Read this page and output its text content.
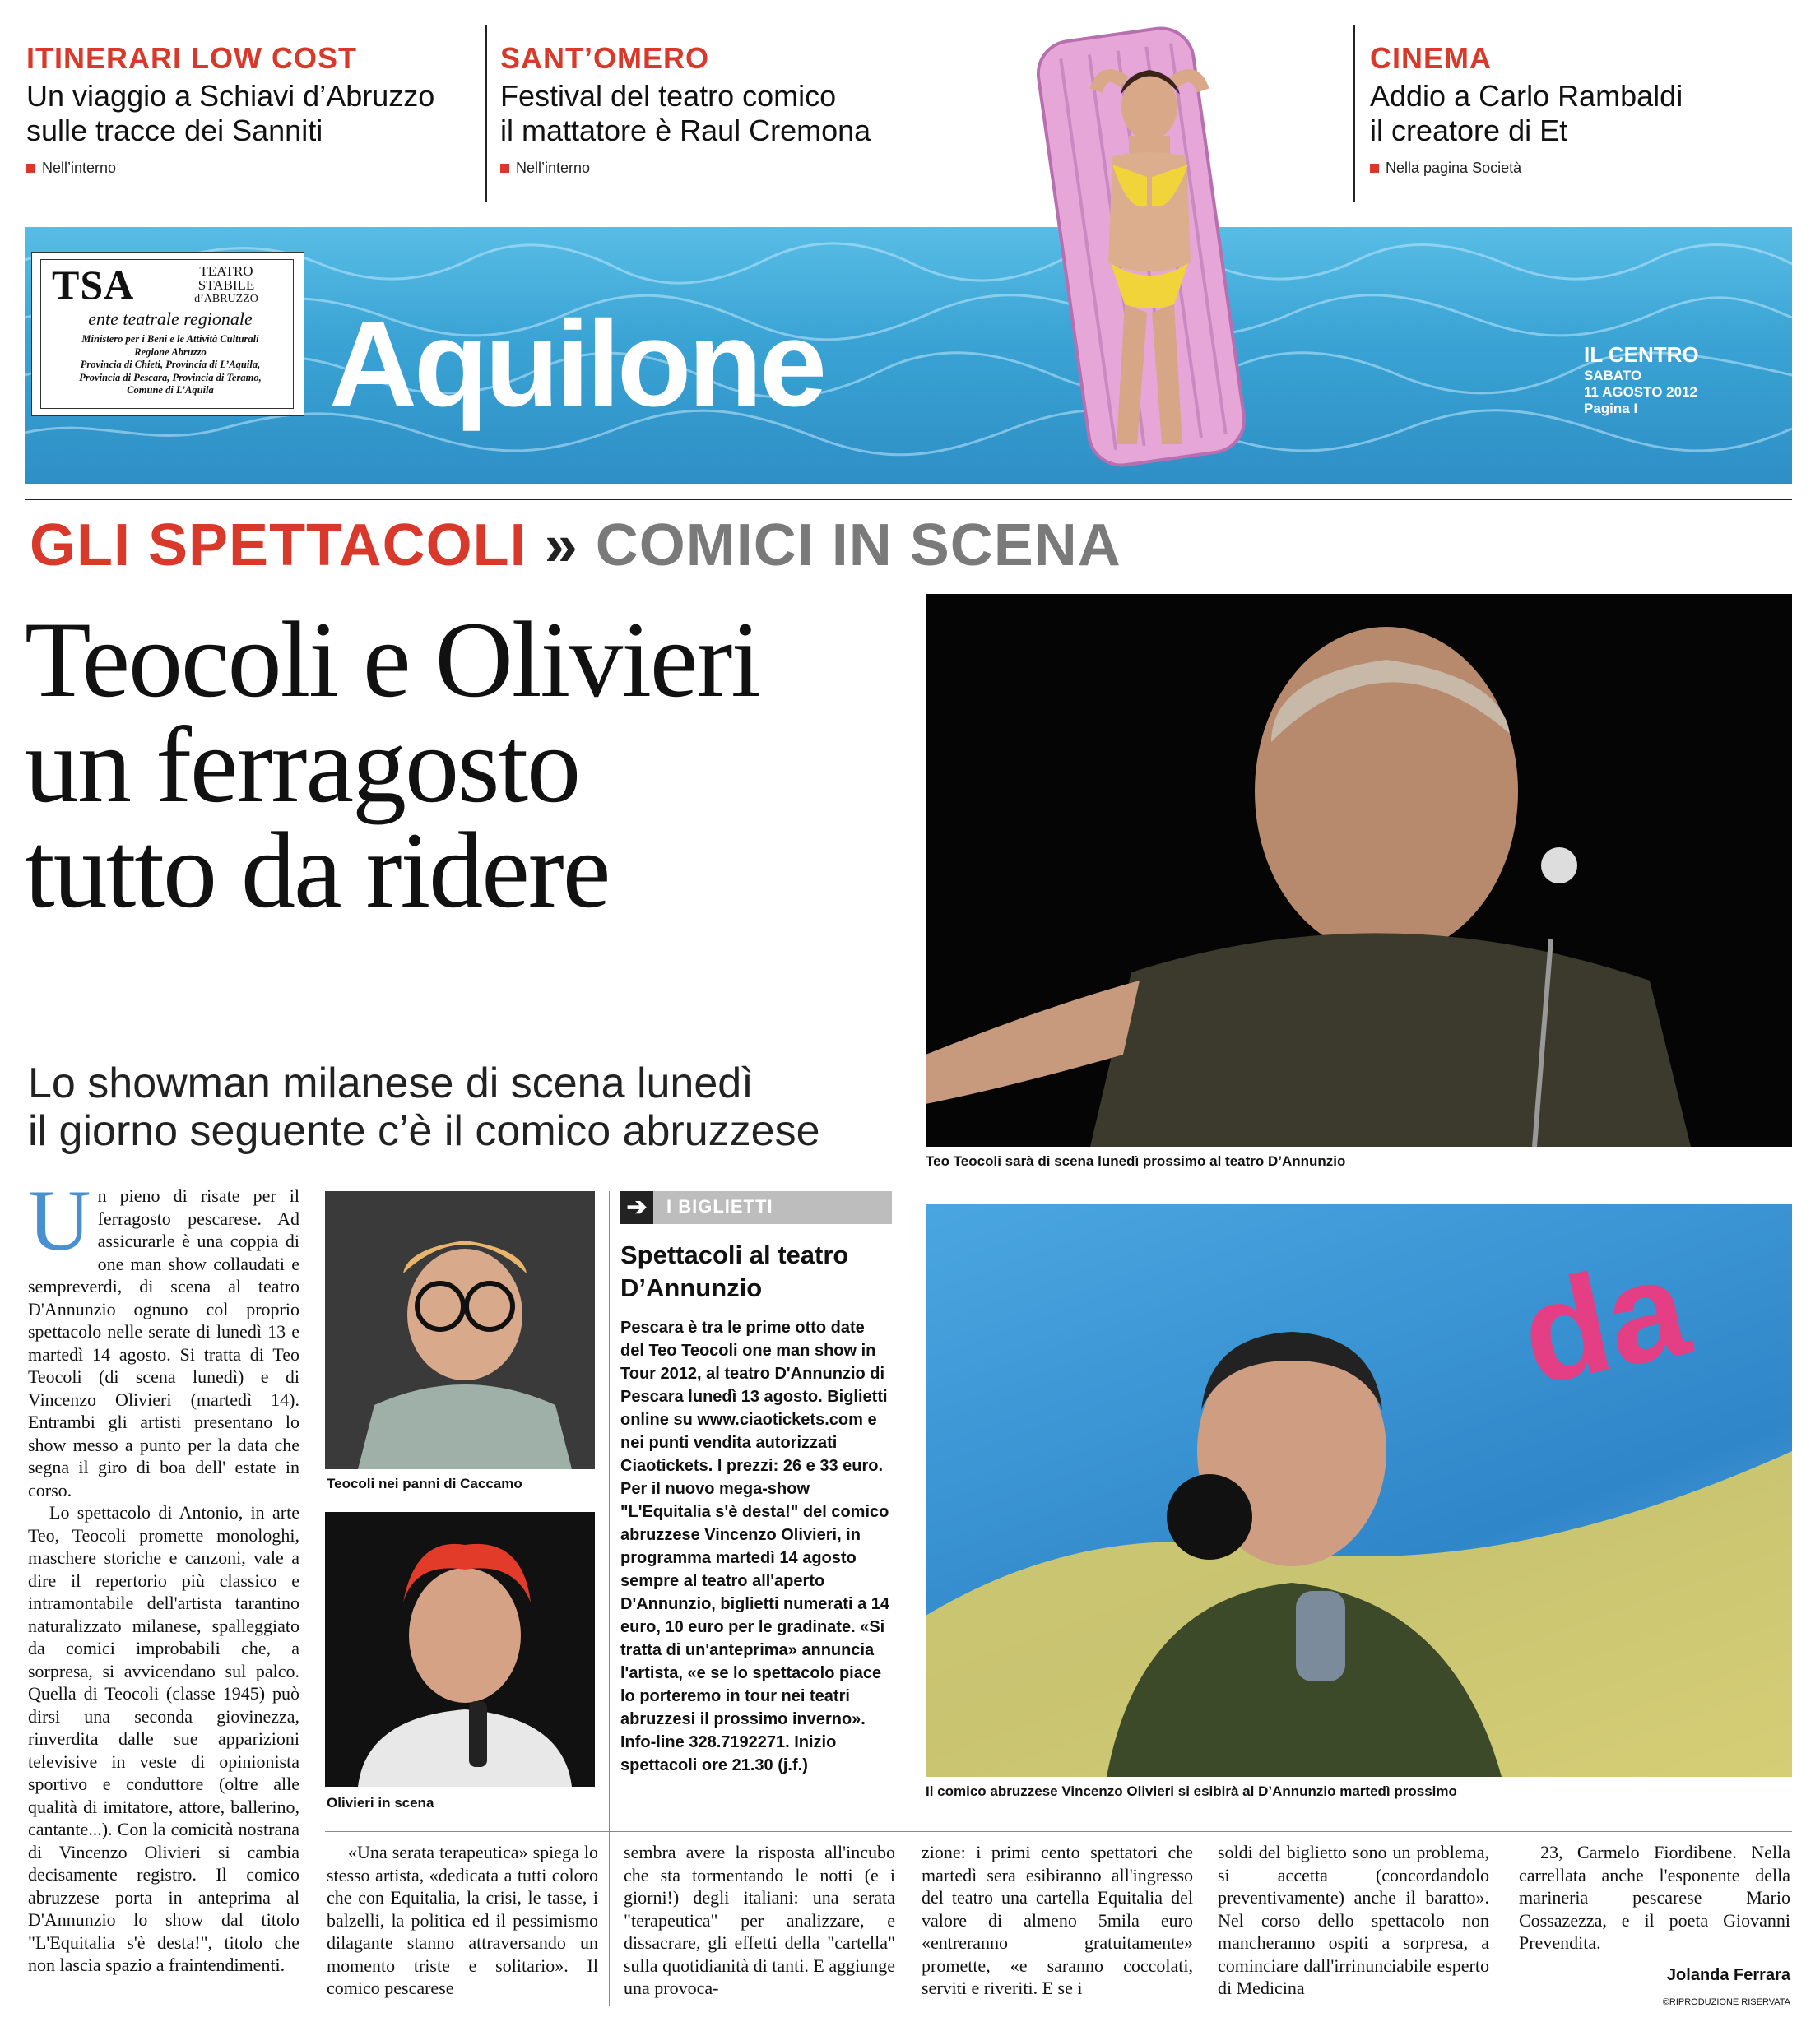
ITINERARI LOW COST
Un viaggio a Schiavi d’Abruzzo
sulle tracce dei Sanniti
Nell’interno
SANT’OMERO
Festival del teatro comico
il mattatore è Raul Cremona
Nell’interno
CINEMA
Addio a Carlo Rambaldi
il creatore di Et
Nella pagina Società
TSA	TEATRO
STABILE
d’ABRUZZO
ente teatrale regionale
Ministero per i Beni e le Attività Culturali
Regione Abruzzo
Provincia di Chieti, Provincia di L’Aquila,
Provincia di Pescara, Provincia di Teramo,
Comune di L’Aquila Aquilone	IL CENTRO
SABATO
11 AGOSTO 2012
Pagina I
GLI SPETTACOLI » COMICI IN SCENA
Teocoli e Olivieri
un ferragosto
tutto da ridere
Lo showman milanese di scena lunedì
il giorno seguente c’è il comico abruzzese
Teo Teocoli sarà di scena lunedì prossimo al teatro D’Annunzio
Teocoli nei panni di Caccamo
Olivieri in scena
da
Il comico abruzzese Vincenzo Olivieri si esibirà al D’Annunzio martedì prossimo
➔	I BIGLIETTI
Spettacoli al teatro
D’Annunzio
Pescara è tra le prime otto date del Teo Teocoli one man show in Tour 2012, al teatro D'Annunzio di Pescara lunedì 13 agosto. Biglietti online su www.ciaotickets.com e nei punti vendita autorizzati Ciaotickets. I prezzi: 26 e 33 euro. Per il nuovo mega-show "L'Equitalia s'è desta!" del comico abruzzese Vincenzo Olivieri, in programma martedì 14 agosto sempre al teatro all'aperto D'Annunzio, biglietti numerati a 14 euro, 10 euro per le gradinate. «Si tratta di un'anteprima» annuncia l'artista, «e se lo spettacolo piace lo porteremo in tour nei teatri abruzzesi il prossimo inverno». Info-line 328.7192271. Inizio spettacoli ore 21.30 (j.f.)

Un pieno di risate per il ferragosto pescarese. Ad assicurarle è una coppia di one man show collaudati e sempreverdi, di scena al teatro D'Annunzio ognuno col proprio spettacolo nelle serate di lunedì 13 e martedì 14 agosto. Si tratta di Teo Teocoli (di scena lunedì) e di Vincenzo Olivieri (martedì 14). Entrambi gli artisti presentano lo show messo a punto per la data che segna il giro di boa dell' estate in corso.

Lo spettacolo di Antonio, in arte Teo, Teocoli promette monologhi, maschere storiche e canzoni, vale a dire il repertorio più classico e intramontabile dell'artista tarantino naturalizzato milanese, spalleggiato da comici improbabili che, a sorpresa, si avvicendano sul palco. Quella di Teocoli (classe 1945) può dirsi una seconda giovinezza, rinverdita dalle sue apparizioni televisive in veste di opinionista sportivo e conduttore (oltre alle qualità di imitatore, attore, ballerino, cantante...). Con la comicità nostrana di Vincenzo Olivieri si cambia decisamente registro. Il comico abruzzese porta in anteprima al D'Annunzio lo show dal titolo "L'Equitalia s'è desta!", titolo che non lascia spazio a fraintendimenti.

«Una serata terapeutica» spiega lo stesso artista, «dedicata a tutti coloro che con Equitalia, la crisi, le tasse, i balzelli, la politica ed il pessimismo dilagante stanno attraversando un momento triste e solitario». Il comico pescarese

sembra avere la risposta all'incubo che sta tormentando le notti (e i giorni!) degli italiani: una serata "terapeutica" per analizzare, e dissacrare, gli effetti della "cartella" sulla quotidianità di tanti. E aggiunge una provoca-

zione: i primi cento spettatori che martedì sera esibiranno all'ingresso del teatro una cartella Equitalia del valore di almeno 5mila euro «entreranno gratuitamente» promette, «e saranno coccolati, serviti e riveriti. E se i

soldi del biglietto sono un problema, si accetta (concordandolo preventivamente) anche il baratto». Nel corso dello spettacolo non mancheranno ospiti a sorpresa, a cominciare dall'irrinunciabile esperto di Medicina

23, Carmelo Fiordibene. Nella carrellata anche l'esponente della marineria pescarese Mario Cossazezza, e il poeta Giovanni Prevendita.

Jolanda Ferrara
©RIPRODUZIONE RISERVATA
